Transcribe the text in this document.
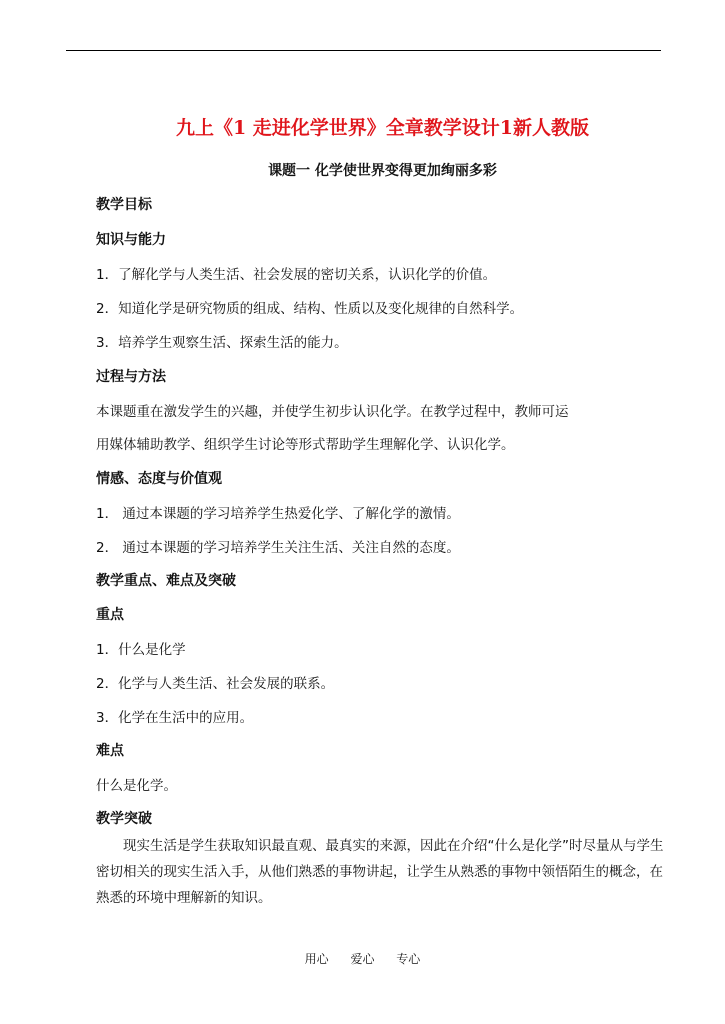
九上《1 走进化学世界》全章教学设计1新人教版
课题一 化学使世界变得更加绚丽多彩
教学目标
知识与能力
1．了解化学与人类生活、社会发展的密切关系，认识化学的价值。
2．知道化学是研究物质的组成、结构、性质以及变化规律的自然科学。
3．培养学生观察生活、探索生活的能力。
过程与方法
本课题重在激发学生的兴趣，并使学生初步认识化学。在教学过程中，教师可运
用媒体辅助教学、组织学生讨论等形式帮助学生理解化学、认识化学。
情感、态度与价值观
1． 通过本课题的学习培养学生热爱化学、了解化学的激情。
2． 通过本课题的学习培养学生关注生活、关注自然的态度。
教学重点、难点及突破
重点
1．什么是化学
2．化学与人类生活、社会发展的联系。
3．化学在生活中的应用。
难点
什么是化学。
教学突破
现实生活是学生获取知识最直观、最真实的来源，因此在介绍“什么是化学”时尽量从与学生密切相关的现实生活入手，从他们熟悉的事物讲起，让学生从熟悉的事物中领悟陌生的概念，在熟悉的环境中理解新的知识。
用心 爱心 专心
